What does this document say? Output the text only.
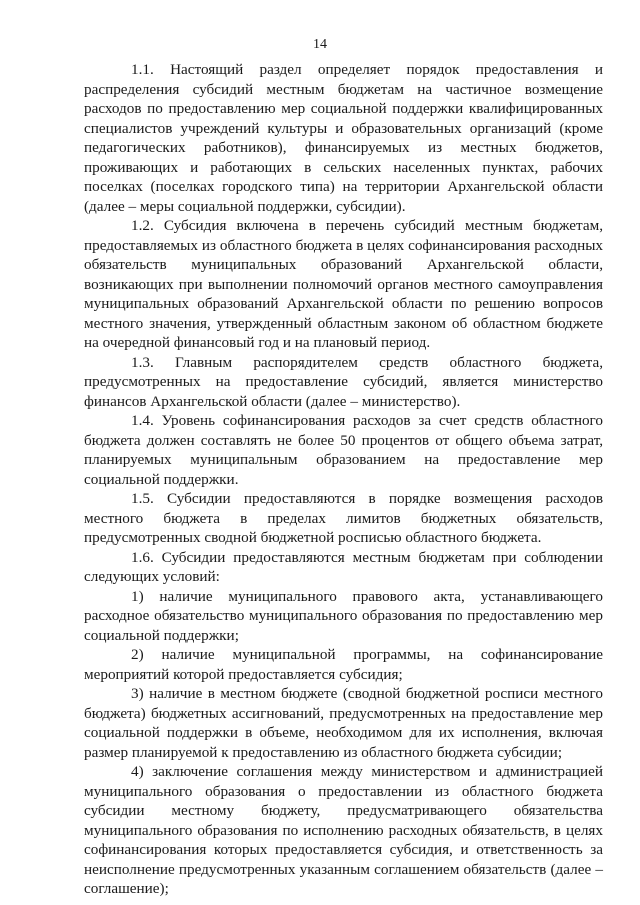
14

1.1. Настоящий раздел определяет порядок предоставления и распределения субсидий местным бюджетам на частичное возмещение расходов по предоставлению мер социальной поддержки квалифицированных специалистов учреждений культуры и образовательных организаций (кроме педагогических работников), финансируемых из местных бюджетов, проживающих и работающих в сельских населенных пунктах, рабочих поселках (поселках городского типа) на территории Архангельской области (далее – меры социальной поддержки, субсидии).

1.2. Субсидия включена в перечень субсидий местным бюджетам, предоставляемых из областного бюджета в целях софинансирования расходных обязательств муниципальных образований Архангельской области, возникающих при выполнении полномочий органов местного самоуправления муниципальных образований Архангельской области по решению вопросов местного значения, утвержденный областным законом об областном бюджете на очередной финансовый год и на плановый период.

1.3. Главным распорядителем средств областного бюджета, предусмотренных на предоставление субсидий, является министерство финансов Архангельской области (далее – министерство).

1.4. Уровень софинансирования расходов за счет средств областного бюджета должен составлять не более 50 процентов от общего объема затрат, планируемых муниципальным образованием на предоставление мер социальной поддержки.

1.5. Субсидии предоставляются в порядке возмещения расходов местного бюджета в пределах лимитов бюджетных обязательств, предусмотренных сводной бюджетной росписью областного бюджета.

1.6. Субсидии предоставляются местным бюджетам при соблюдении следующих условий:

1) наличие муниципального правового акта, устанавливающего расходное обязательство муниципального образования по предоставлению мер социальной поддержки;

2) наличие муниципальной программы, на софинансирование мероприятий которой предоставляется субсидия;

3) наличие в местном бюджете (сводной бюджетной росписи местного бюджета) бюджетных ассигнований, предусмотренных на предоставление мер социальной поддержки в объеме, необходимом для их исполнения, включая размер планируемой к предоставлению из областного бюджета субсидии;

4) заключение соглашения между министерством и администрацией муниципального образования о предоставлении из областного бюджета субсидии местному бюджету, предусматривающего обязательства муниципального образования по исполнению расходных обязательств, в целях софинансирования которых предоставляется субсидия, и ответственность за неисполнение предусмотренных указанным соглашением обязательств (далее – соглашение);
